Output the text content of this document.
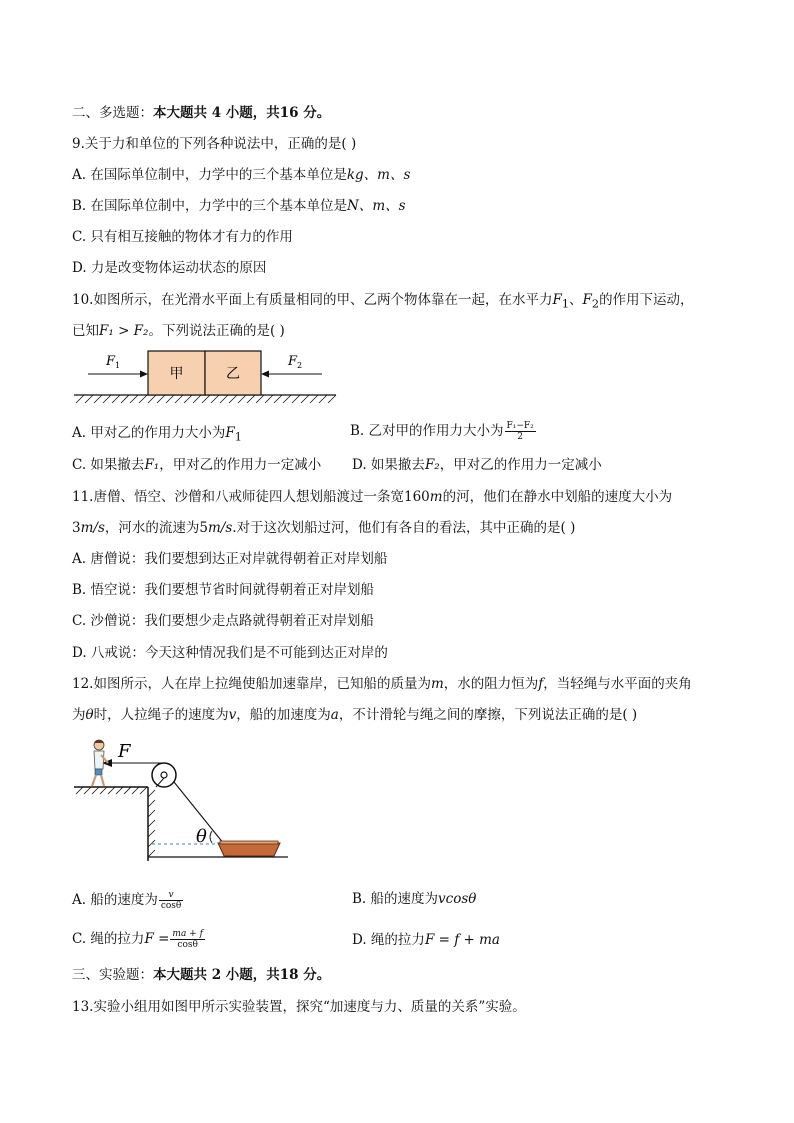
二、多选题：本大题共 4 小题，共16 分。
9.关于力和单位的下列各种说法中，正确的是( )
A. 在国际单位制中，力学中的三个基本单位是kg、m、s
B. 在国际单位制中，力学中的三个基本单位是N、m、s
C. 只有相互接触的物体才有力的作用
D. 力是改变物体运动状态的原因
10.如图所示，在光滑水平面上有质量相同的甲、乙两个物体靠在一起，在水平力$F_1$、$F_2$的作用下运动，
已知F₁ > F₂。下列说法正确的是( )
甲	乙
F 1	F 2
A. 甲对乙的作用力大小为$F_1$	B. 乙对甲的作用力大小为 $\frac{\text{F₁−F₂}}{2}$
C. 如果撤去F₁，甲对乙的作用力一定减小 D. 如果撤去F₂，甲对乙的作用力一定减小
11.唐僧、悟空、沙僧和八戒师徒四人想划船渡过一条宽160m的河，他们在静水中划船的速度大小为
3m/s，河水的流速为5m/s.对于这次划船过河，他们有各自的看法，其中正确的是( )
A. 唐僧说：我们要想到达正对岸就得朝着正对岸划船
B. 悟空说：我们要想节省时间就得朝着正对岸划船
C. 沙僧说：我们要想少走点路就得朝着正对岸划船
D. 八戒说：今天这种情况我们是不可能到达正对岸的
12.如图所示，人在岸上拉绳使船加速靠岸，已知船的质量为m，水的阻力恒为f，当轻绳与水平面的夹角
为θ时，人拉绳子的速度为v，船的加速度为a，不计滑轮与绳之间的摩擦，下列说法正确的是( )
F
θ
A. 船的速度为 $\frac{v}{\cos\theta}$	B. 船的速度为vcosθ
C. 绳的拉力$F = \frac{ma + f}{\cos\theta}$	D. 绳的拉力F = f + ma
三、实验题：本大题共 2 小题，共18 分。
13.实验小组用如图甲所示实验装置，探究“加速度与力、质量的关系”实验。
